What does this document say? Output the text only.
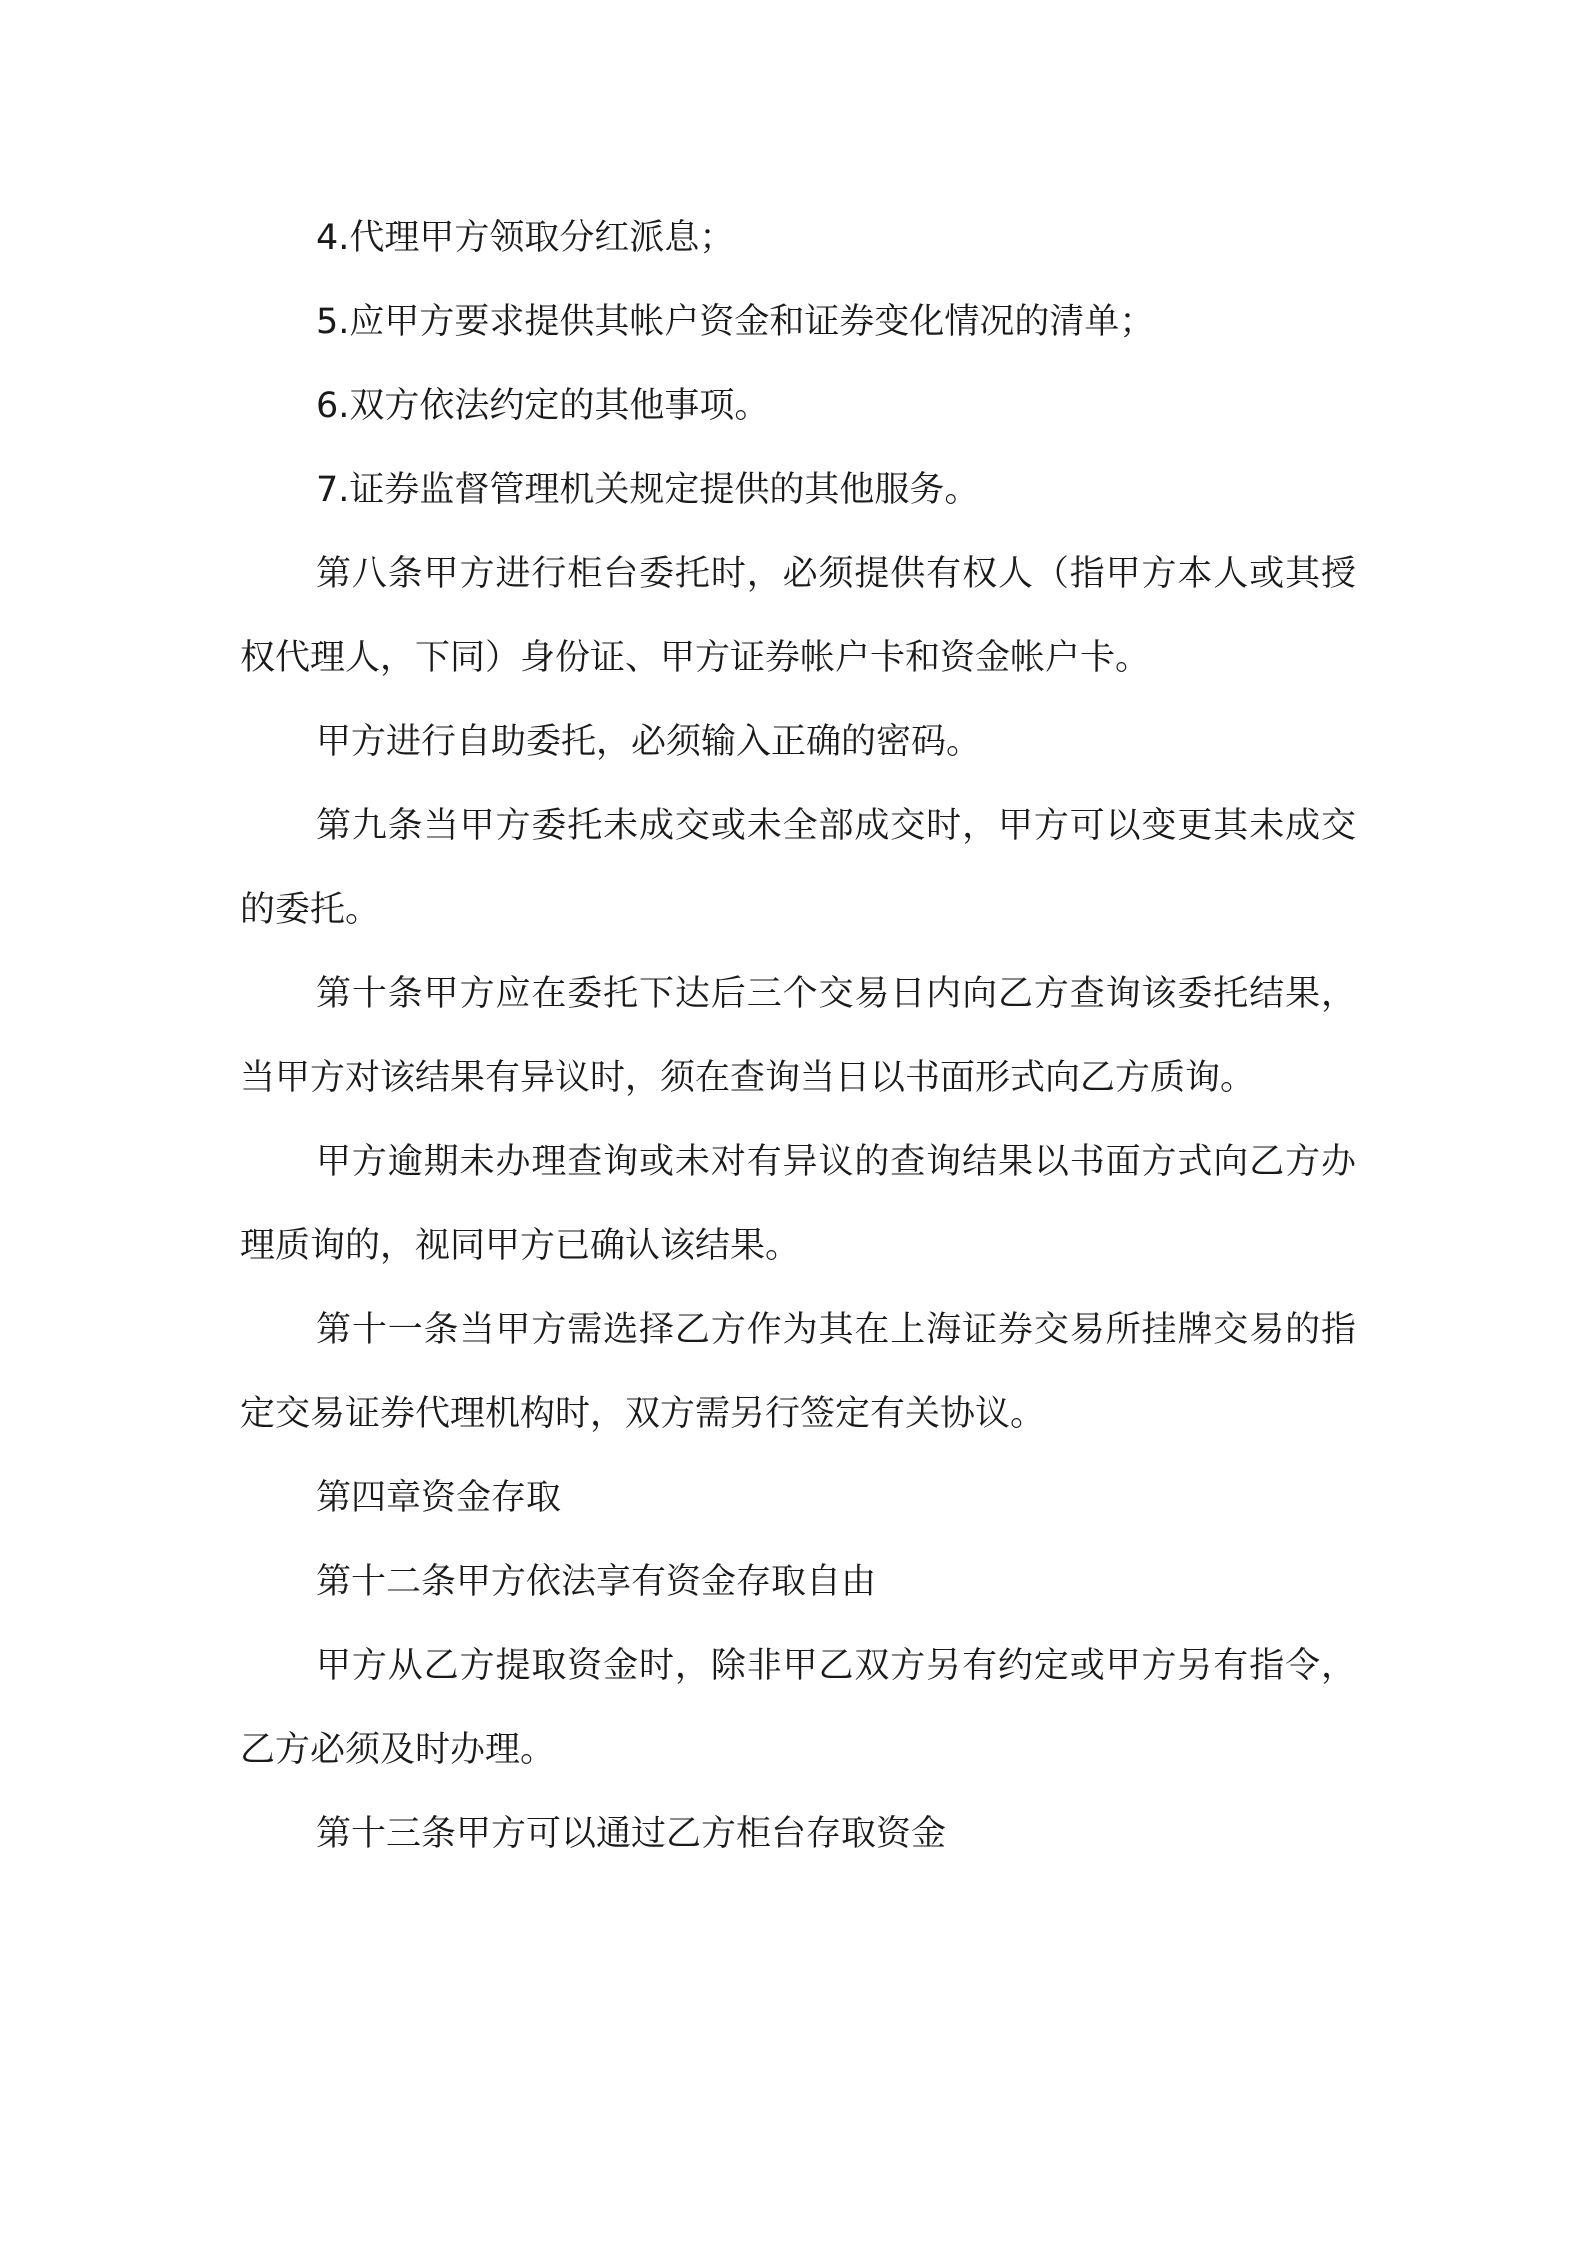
4.代理甲方领取分红派息；

5.应甲方要求提供其帐户资金和证券变化情况的清单；

6.双方依法约定的其他事项。

7.证券监督管理机关规定提供的其他服务。

第八条甲方进行柜台委托时，必须提供有权人（指甲方本人或其授权代理人，下同）身份证、甲方证券帐户卡和资金帐户卡。

甲方进行自助委托，必须输入正确的密码。

第九条当甲方委托未成交或未全部成交时，甲方可以变更其未成交的委托。

第十条甲方应在委托下达后三个交易日内向乙方查询该委托结果，当甲方对该结果有异议时，须在查询当日以书面形式向乙方质询。

甲方逾期未办理查询或未对有异议的查询结果以书面方式向乙方办理质询的，视同甲方已确认该结果。

第十一条当甲方需选择乙方作为其在上海证券交易所挂牌交易的指定交易证券代理机构时，双方需另行签定有关协议。

第四章资金存取

第十二条甲方依法享有资金存取自由

甲方从乙方提取资金时，除非甲乙双方另有约定或甲方另有指令，乙方必须及时办理。

第十三条甲方可以通过乙方柜台存取资金
